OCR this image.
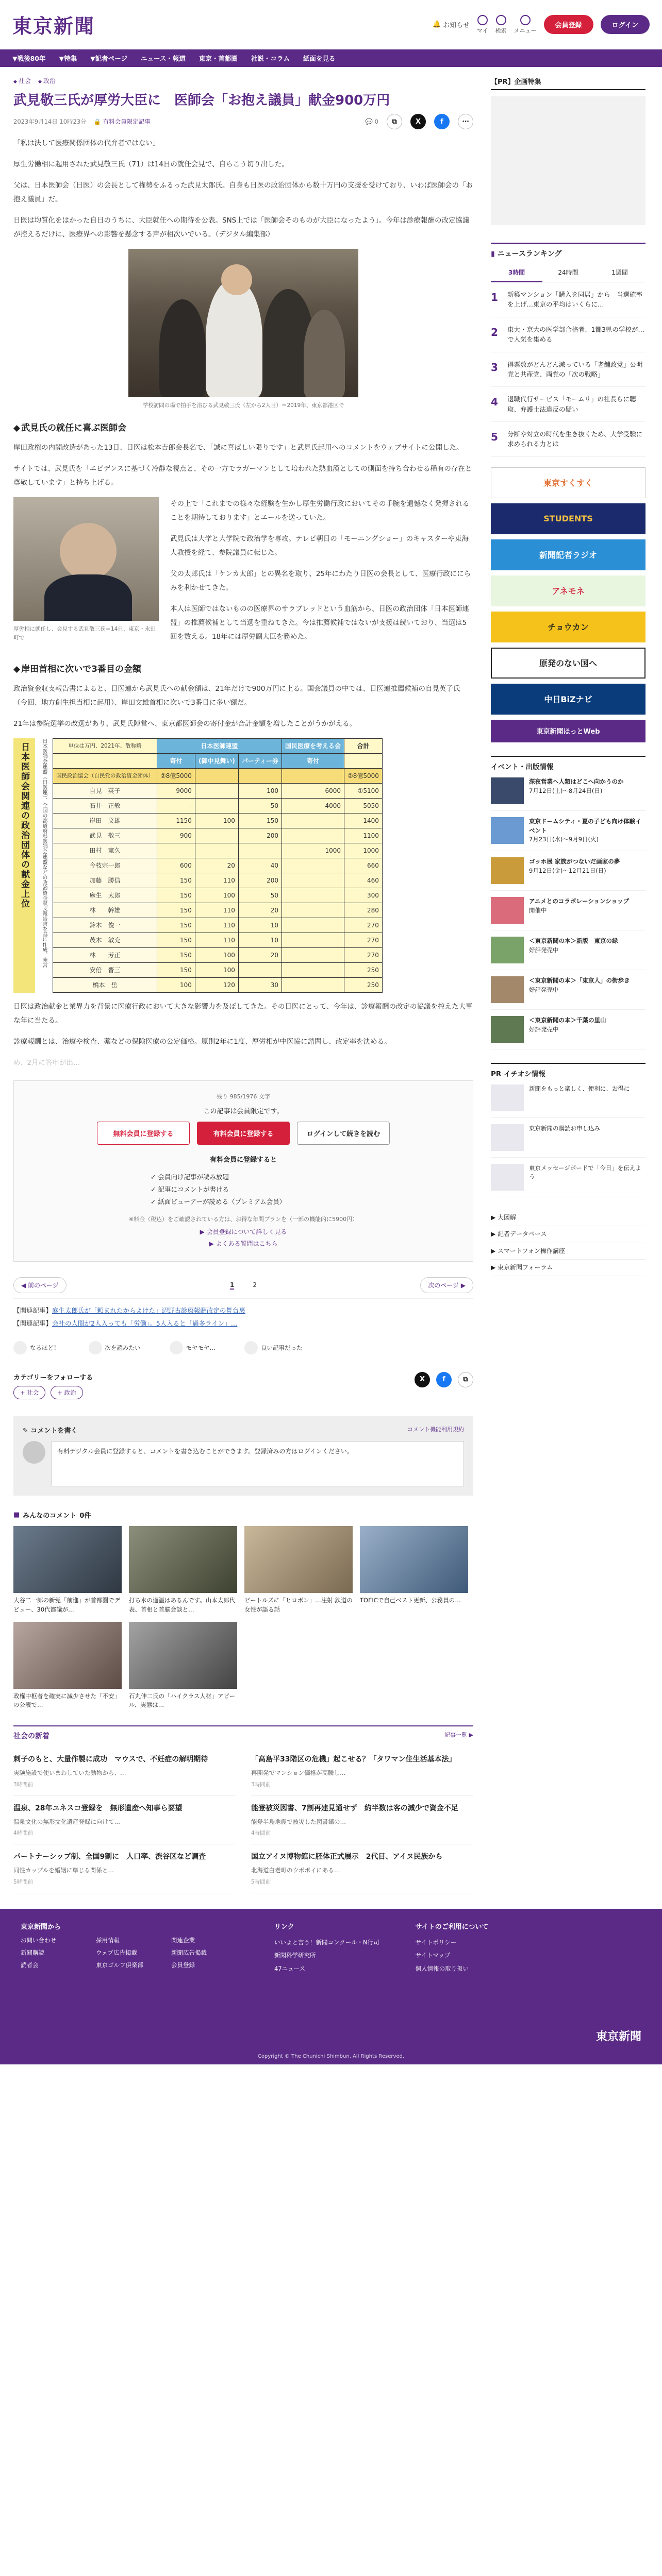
東京新聞	🔔 お知らせ
マイ 検索 メニュー
会員登録	ログイン
▼戦後80年 ▼特集 ▼記者ページ ニュース・報道 東京・首都圏 社説・コラム 紙面を見る
◆ 社会	◆ 政治
武見敬三氏が厚労大臣に　医師会「お抱え議員」献金900万円
2023年9月14日 10時23分 🔒 有料会員限定記事	💬 0	⧉	X	f	⋯

「私は決して医療関係団体の代弁者ではない」

厚生労働相に起用された武見敬三氏（71）は14日の就任会見で、自らこう切り出した。

父は、日本医師会（日医）の会長として権勢をふるった武見太郎氏。自身も日医の政治団体から数十万円の支援を受けており、いわば医師会の「お抱え議員」だ。

日医は均質化をはかった自日のうちに、大臣就任への期待を公表。SNS上では「医師会そのものが大臣になったよう」。今年は診療報酬の改定協議が控えるだけに、医療界への影響を懸念する声が相次いでいる。（デジタル編集部）

学校訪問の場で拍手を浴びる武見敬三氏（左から2人目）＝2019年、東京都港区で
◆ 武見氏の就任に喜ぶ医師会

岸田政権の内閣改造があった13日、日医は松本吉郎会長名で、「誠に喜ばしい限りです」と武見氏起用へのコメントをウェブサイトに公開した。

サイトでは、武見氏を「エビデンスに基づく冷静な視点と、その一方でラガーマンとして培われた熱血漢としての側面を持ち合わせる稀有の存在と尊敬しています」と持ち上げる。

厚労相に就任し、会見する武見敬三氏＝14日、東京・永田町で

その上で「これまでの様々な経験を生かし厚生労働行政においてその手腕を遺憾なく発揮されることを期待しております」とエールを送っていた。

武見氏は大学と大学院で政治学を専攻。テレビ朝日の「モーニングショー」のキャスターや東海大教授を経て、参院議員に転じた。

父の太郎氏は「ケンカ太郎」との異名を取り、25年にわたり日医の会長として、医療行政ににらみを利かせてきた。

本人は医師ではないものの医療界のサラブレッドという血筋から、日医の政治団体「日本医師連盟」の推薦候補として当選を重ねてきた。今は推薦候補ではないが支援は続いており、当選は5回を数える。18年には厚労副大臣を務めた。

◆ 岸田首相に次いで3番目の金額

政治資金収支報告書によると、日医連から武見氏への献金額は、21年だけで900万円に上る。国会議員の中では、日医連推薦候補の自見英子氏（今回、地方創生担当相に起用）、岸田文雄首相に次いで3番目に多い額だ。

21年は参院選挙の改選があり、武見氏陣営へ、東京都医師会の寄付金が合計金額を増したことがうかがえる。

日本医師会関連の政治団体の献金上位	日本医師会連盟（日医連）、全国の都道府県医師会連盟などの政治資金収支報告書を基に作成。陣営	単位は万円、2021年、敬称略	日本医師連盟			国民医療を考える会	合計
	寄付	(御中見舞い)	パーティー券	寄付	
国民政治協会（自民党の政治資金団体）	②8億5000				②8億5000
自見　英子	9000		100	6000	①5100
石井　正敏	-		50	4000	5050
岸田　文雄	1150	100	150		1400
武見　敬三	900		200		1100
田村　憲久				1000	1000
今枝宗一郎	600	20	40		660
加藤　勝信	150	110	200		460
麻生　太郎	150	100	50		300
林　　幹雄	150	110	20		280
鈴木　俊一	150	110	10		270
茂木　敏充	150	110	10		270
林　　芳正	150	100	20		270
安倍　晋三	150	100			250
橋本　岳	100	120	30		250

日医は政治献金と業界力を背景に医療行政において大きな影響力を及ぼしてきた。その日医にとって、今年は、診療報酬の改定の協議を控えた大事な年に当たる。

診療報酬とは、治療や検査、薬などの保険医療の公定価格。原則2年に1度、厚労相が中医協に諮問し、改定率を決める。

め、2月に答申が出…

残り 985/1976 文字
この記事は会員限定です。
無料会員に登録する	有料会員に登録する	ログインして続きを読む
有料会員に登録すると
✓ 会員向け記事が読み放題
✓ 記事にコメントが書ける
✓ 紙面ビューアーが読める（プレミアム会員）
※料金（税込）をご確認されている方は、お得な年間プランを（一部の機能的に5900円）
▶ 会員登録について詳しく見る
▶ よくある質問はこちら
◀ 前のページ	1	2	次のページ ▶
【関連記事】麻生太郎氏が「頼まれたからよけた」辺野古診療報酬改定の舞台裏
【関連記事】会社の人間が2人入っても「労働」。5人入ると「過多ライン」…
なるほど！	次を読みたい	モヤモヤ…	良い記事だった
カテゴリーをフォローする
+ 社会	+ 政治
X	f	⧉
✎ コメントを書く	コメント機能利用規約
有料デジタル会員に登録すると、コメントを書き込むことができます。登録済みの方はログインください。
■ みんなのコメント 0件
大谷二一郎の新党「前進」が首都圏でデビュー、30代都議が…
打ち水の適温はあるんです。山本太郎代表、首相と首脳会談と…
ビートルズに「ヒロポン」…注射 鉄道の女性が語る話
TOEICで自己ベスト更新、公務員の…
政権中枢者を確実に減少させた「不安」の公表で…
石丸伸二氏の「ハイクラス人材」アピール、実態は…
社会の新着	記事一覧 ▶
刺子のもと、大量作製に成功　マウスで、不妊症の解明期待
実験施設で使いまわしていた動物から、…
3時間前
「高島平33階区の危機」起こせる？「タワマン住生活基本法」
再開発でマンション価格が高騰し…
3時間前
温泉、28年ユネスコ登録を　無形遺産へ知事ら要望
温泉文化の無形文化遺産登録に向けて…
4時間前
能登被災図書、7割再建見通せず　約半数は客の減少で資金不足
能登半島地震で被災した図書館の…
4時間前
パートナーシップ制、全国9割に　人口率、渋谷区など調査
同性カップルを婚姻に準じる関係と…
5時間前
国立アイヌ博物館に胚体正式展示　2代目、アイヌ民族から
北海道白老町のウポポイにある…
5時間前
【PR】企画特集
▮ ニュースランキング
3時間	24時間	1週間
1	新築マンション「購入を同居」から　当選確率を上げ…東京の平均はいくらに…
2	東大・京大の医学部合格者、1都3県の学校が…で人気を集める
3	得票数がどんどん減っている「老舗政党」公明党と共産党、両党の「次の戦略」
4	退職代行サービス「モームリ」の社長らに聴取、弁護士法違反の疑い
5	分断や対立の時代を生き抜くため、大学受験に求められる力とは
東京すくすく
STUDENTS
新聞記者ラジオ
アネモネ
チョウカン
原発のない国へ
中日BiZナビ
東京新聞ほっとWeb
イベント・出版情報
深夜営業へ人類はどこへ向かうのか
7月12日(土)〜8月24日(日)
東京ドームシティ・夏の子ども向け体験イベント
7月23日(水)〜9月9日(火)
ゴッホ展 家族がつないだ画家の夢
9月12日(金)〜12月21日(日)
アニメとのコラボレーションショップ
開催中
＜東京新聞の本＞新版　東京の緑
好評発売中
＜東京新聞の本＞「東京人」の街歩き
好評発売中
＜東京新聞の本＞千葉の里山
好評発売中
PR イチオシ情報
新聞をもっと楽しく、便利に、お得に
東京新聞の購読お申し込み
東京メッセージボードで「今日」を伝えよう
▶ 大図解
▶ 記者データベース
▶ スマートフォン操作講座
▶ 東京新聞フォーラム
東京新聞から
お問い合わせ	採用情報	関連企業
新聞購読	ウェブ広告掲載	新聞広告掲載
読者会	東京ゴルフ倶楽部	会員登録
リンク
いいよと言う！新聞コンクール・N行司
新聞科学研究所
47ニュース
サイトのご利用について
サイトポリシー
サイトマップ
個人情報の取り扱い
東京新聞
Copyright © The Chunichi Shimbun, All Rights Reserved.
